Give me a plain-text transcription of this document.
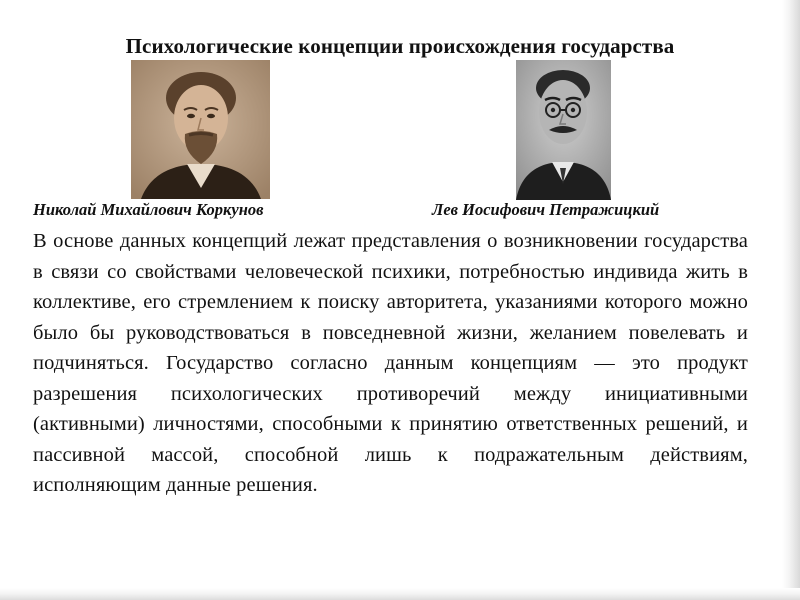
Психологические концепции происхождения государства
Николай Михайлович Коркунов	Лев Иосифович Петражицкий
В основе данных концепций лежат представления о возникновении государства в связи со свойствами человеческой психики, потребностью индивида жить в коллективе, его стремлением к поиску авторитета, указаниями которого можно было бы руководствоваться в повседневной жизни, желанием повелевать и подчиняться. Государство согласно данным концепциям — это продукт разрешения психологических противоречий между инициативными (активными) личностями, способными к принятию ответственных решений, и пассивной массой, способной лишь к подражательным действиям, исполняющим данные решения.
